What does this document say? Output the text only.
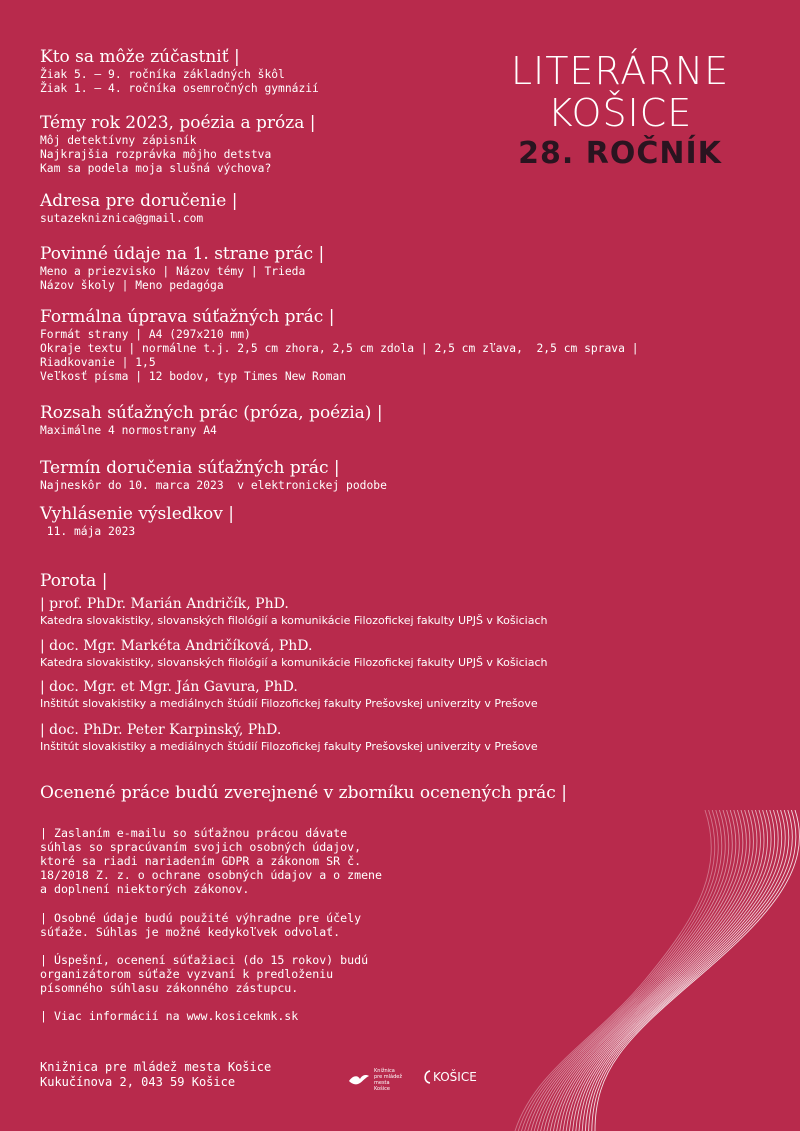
LITERÁRNE
KOŠICE
28. ROČNÍK
Kto sa môže zúčastniť |
Žiak 5. – 9. ročníka základných škôl
Žiak 1. – 4. ročníka osemročných gymnázií
Témy rok 2023, poézia a próza |
Môj detektívny zápisník
Najkrajšia rozprávka môjho detstva
Kam sa podela moja slušná výchova?
Adresa pre doručenie |
sutazekniznica@gmail.com
Povinné údaje na 1. strane prác |
Meno a priezvisko | Názov témy | Trieda
Názov školy | Meno pedagóga
Formálna úprava súťažných prác |
Formát strany | A4 (297x210 mm)
Okraje textu | normálne t.j. 2,5 cm zhora, 2,5 cm zdola | 2,5 cm zľava,  2,5 cm sprava |
Riadkovanie | 1,5
Veľkosť písma | 12 bodov, typ Times New Roman
Rozsah súťažných prác (próza, poézia) |
Maximálne 4 normostrany A4
Termín doručenia súťažných prác |
Najneskôr do 10. marca 2023  v elektronickej podobe
Vyhlásenie výsledkov |
11. mája 2023
Porota |
| prof. PhDr. Marián Andričík, PhD.
Katedra slovakistiky, slovanských filológií a komunikácie Filozofickej fakulty UPJŠ v Košiciach
| doc. Mgr. Markéta Andričíková, PhD.
Katedra slovakistiky, slovanských filológií a komunikácie Filozofickej fakulty UPJŠ v Košiciach
| doc. Mgr. et Mgr. Ján Gavura, PhD.
Inštitút slovakistiky a mediálnych štúdií Filozofickej fakulty Prešovskej univerzity v Prešove
| doc. PhDr. Peter Karpinský, PhD.
Inštitút slovakistiky a mediálnych štúdií Filozofickej fakulty Prešovskej univerzity v Prešove
Ocenené práce budú zverejnené v zborníku ocenených prác |
| Zaslaním e-mailu so súťažnou prácou dávate
súhlas so spracúvaním svojich osobných údajov,
ktoré sa riadi nariadením GDPR a zákonom SR č.
18/2018 Z. z. o ochrane osobných údajov a o zmene
a doplnení niektorých zákonov.
| Osobné údaje budú použité výhradne pre účely
súťaže. Súhlas je možné kedykoľvek odvolať.
| Úspešní, ocenení súťažiaci (do 15 rokov) budú
organizátorom súťaže vyzvaní k predloženiu
písomného súhlasu zákonného zástupcu.
| Viac informácií na www.kosicekmk.sk
Knižnica pre mládež mesta Košice
Kukučínova 2, 043 59 Košice
Knižnica pre mládež mesta Košice
KOŠICE
